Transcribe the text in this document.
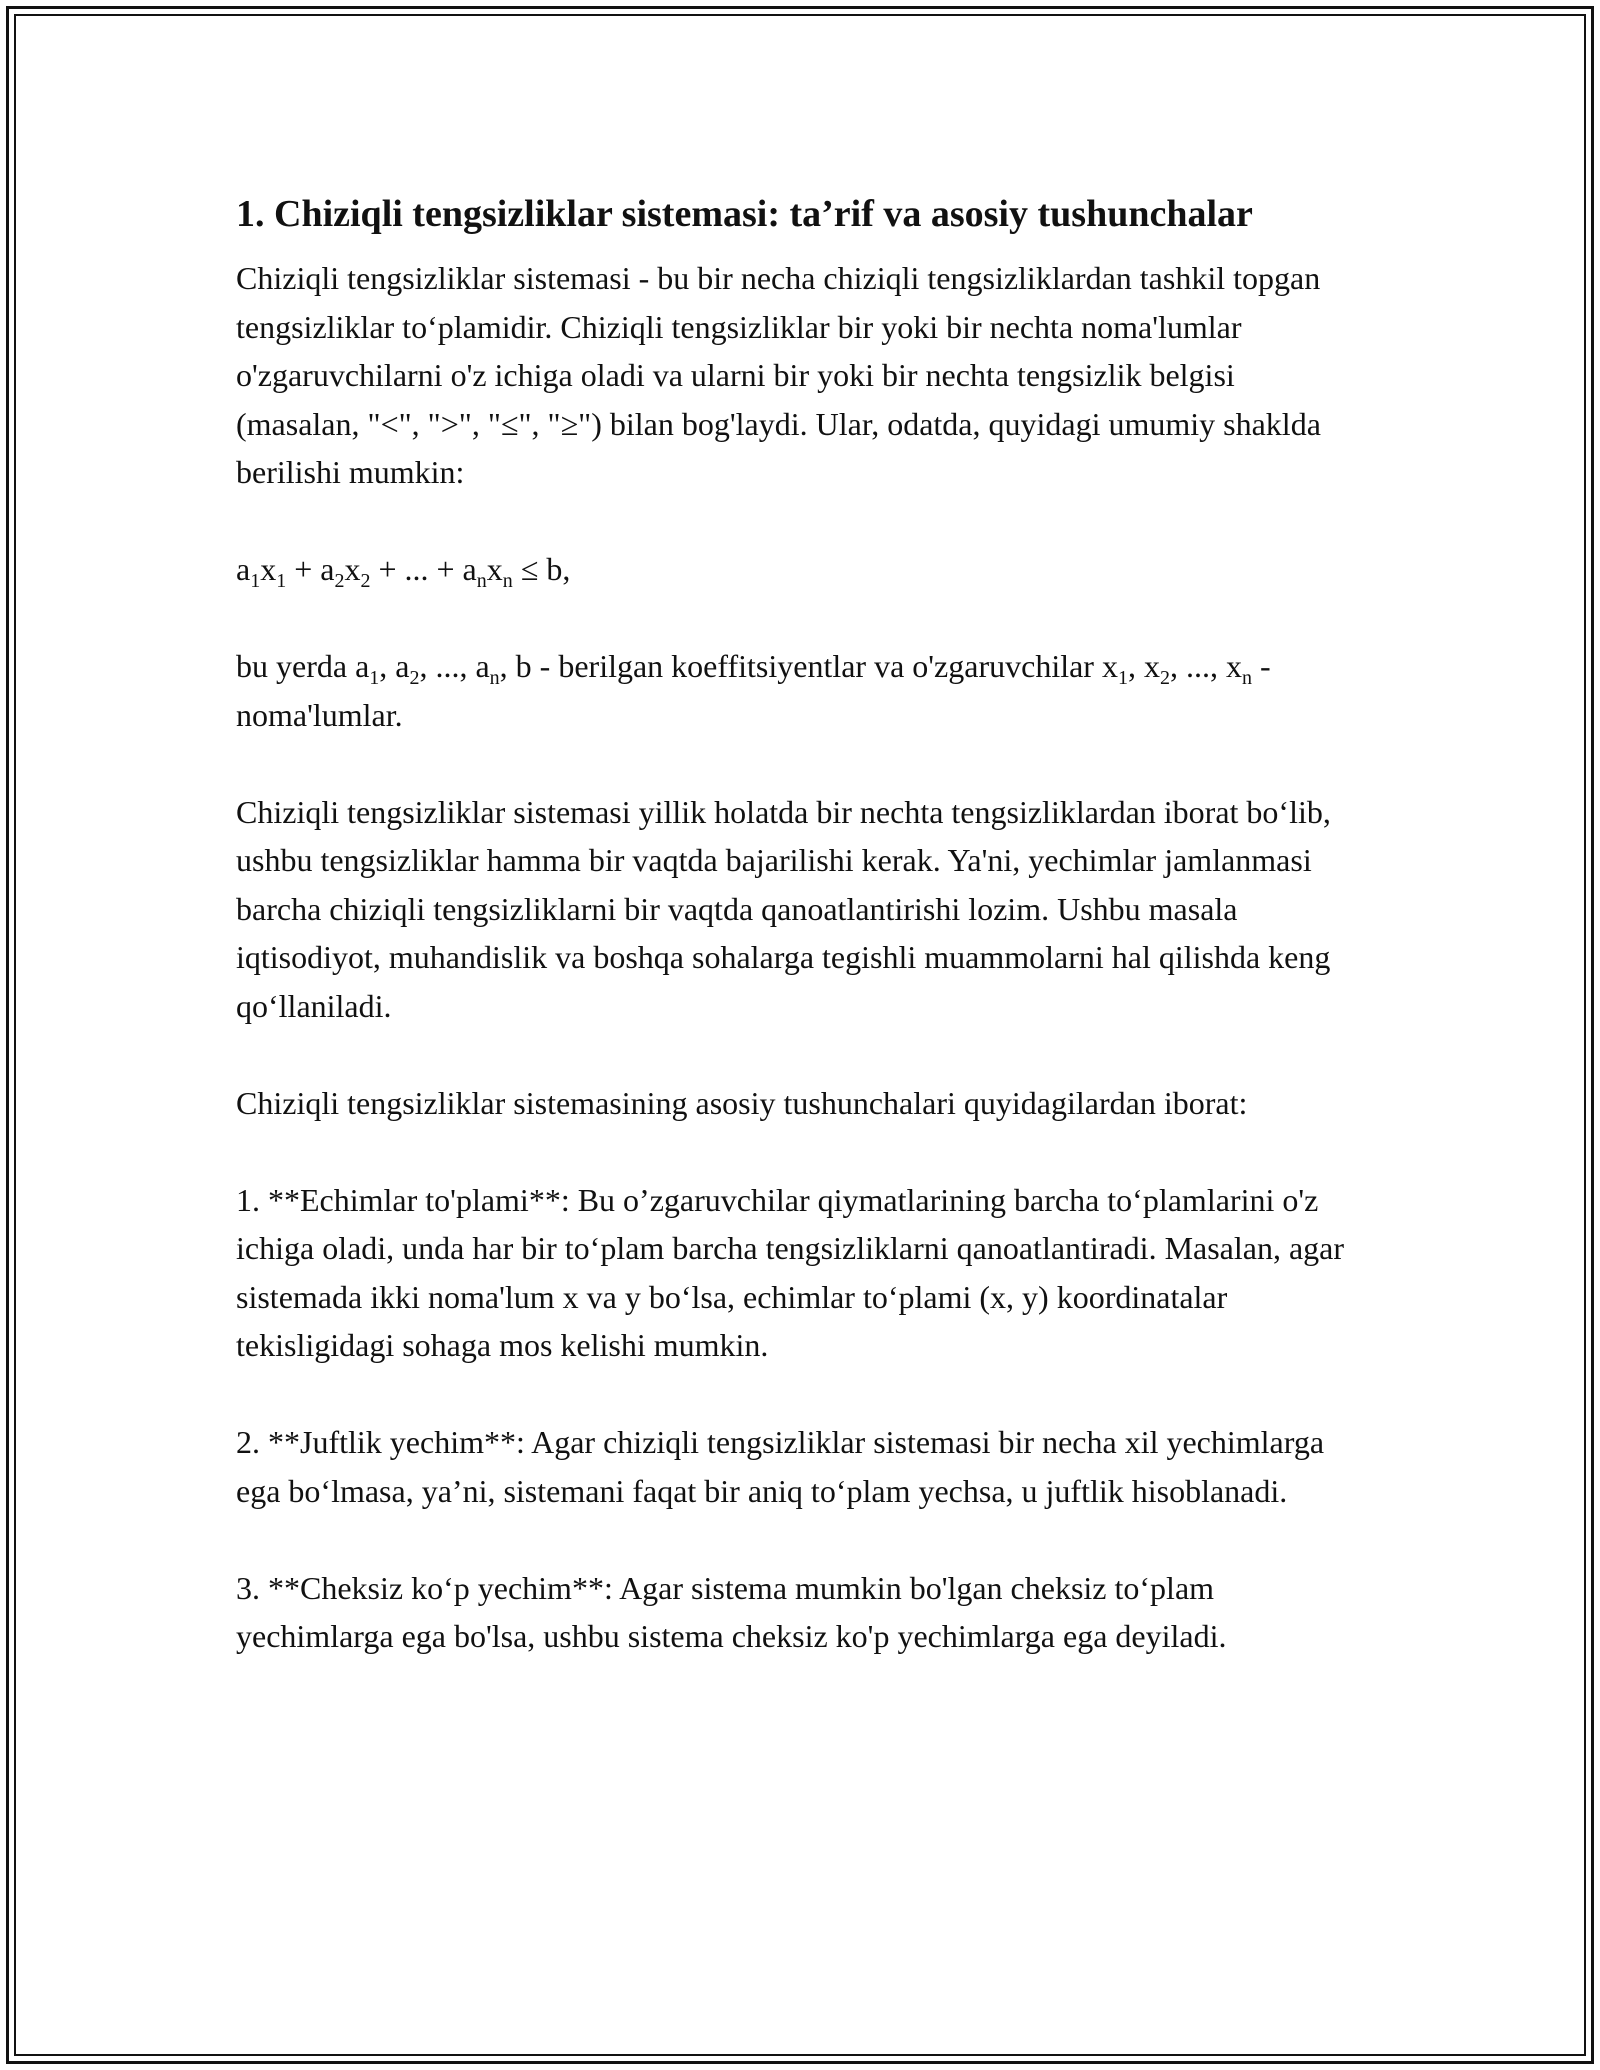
1. Chiziqli tengsizliklar sistemasi: ta’rif va asosiy tushunchalar

Chiziqli tengsizliklar sistemasi - bu bir necha chiziqli tengsizliklardan tashkil topgan tengsizliklar to‘plamidir. Chiziqli tengsizliklar bir yoki bir nechta noma'lumlar o'zgaruvchilarni o'z ichiga oladi va ularni bir yoki bir nechta tengsizlik belgisi (masalan, "<", ">", "≤", "≥") bilan bog'laydi. Ular, odatda, quyidagi umumiy shaklda berilishi mumkin:

$a_1x_1 + a_2x_2$ + ... + $a_nx_n \le b$,

bu yerda $a_1$, $a_2$, ..., $a_n$, b - berilgan koeffitsiyentlar va o'zgaruvchilar $x_1$, $x_2$, ..., $x_n$ - noma'lumlar.

Chiziqli tengsizliklar sistemasi yillik holatda bir nechta tengsizliklardan iborat bo‘lib, ushbu tengsizliklar hamma bir vaqtda bajarilishi kerak. Ya'ni, yechimlar jamlanmasi barcha chiziqli tengsizliklarni bir vaqtda qanoatlantirishi lozim. Ushbu masala iqtisodiyot, muhandislik va boshqa sohalarga tegishli muammolarni hal qilishda keng qo‘llaniladi.

Chiziqli tengsizliklar sistemasining asosiy tushunchalari quyidagilardan iborat:

1. **Echimlar to'plami**: Bu o’zgaruvchilar qiymatlarining barcha to‘plamlarini o'z ichiga oladi, unda har bir to‘plam barcha tengsizliklarni qanoatlantiradi. Masalan, agar sistemada ikki noma'lum x va y bo‘lsa, echimlar to‘plami (x, y) koordinatalar tekisligidagi sohaga mos kelishi mumkin.

2. **Juftlik yechim**: Agar chiziqli tengsizliklar sistemasi bir necha xil yechimlarga ega bo‘lmasa, ya’ni, sistemani faqat bir aniq to‘plam yechsa, u juftlik hisoblanadi.

3. **Cheksiz ko‘p yechim**: Agar sistema mumkin bo'lgan cheksiz to‘plam yechimlarga ega bo'lsa, ushbu sistema cheksiz ko'p yechimlarga ega deyiladi.
